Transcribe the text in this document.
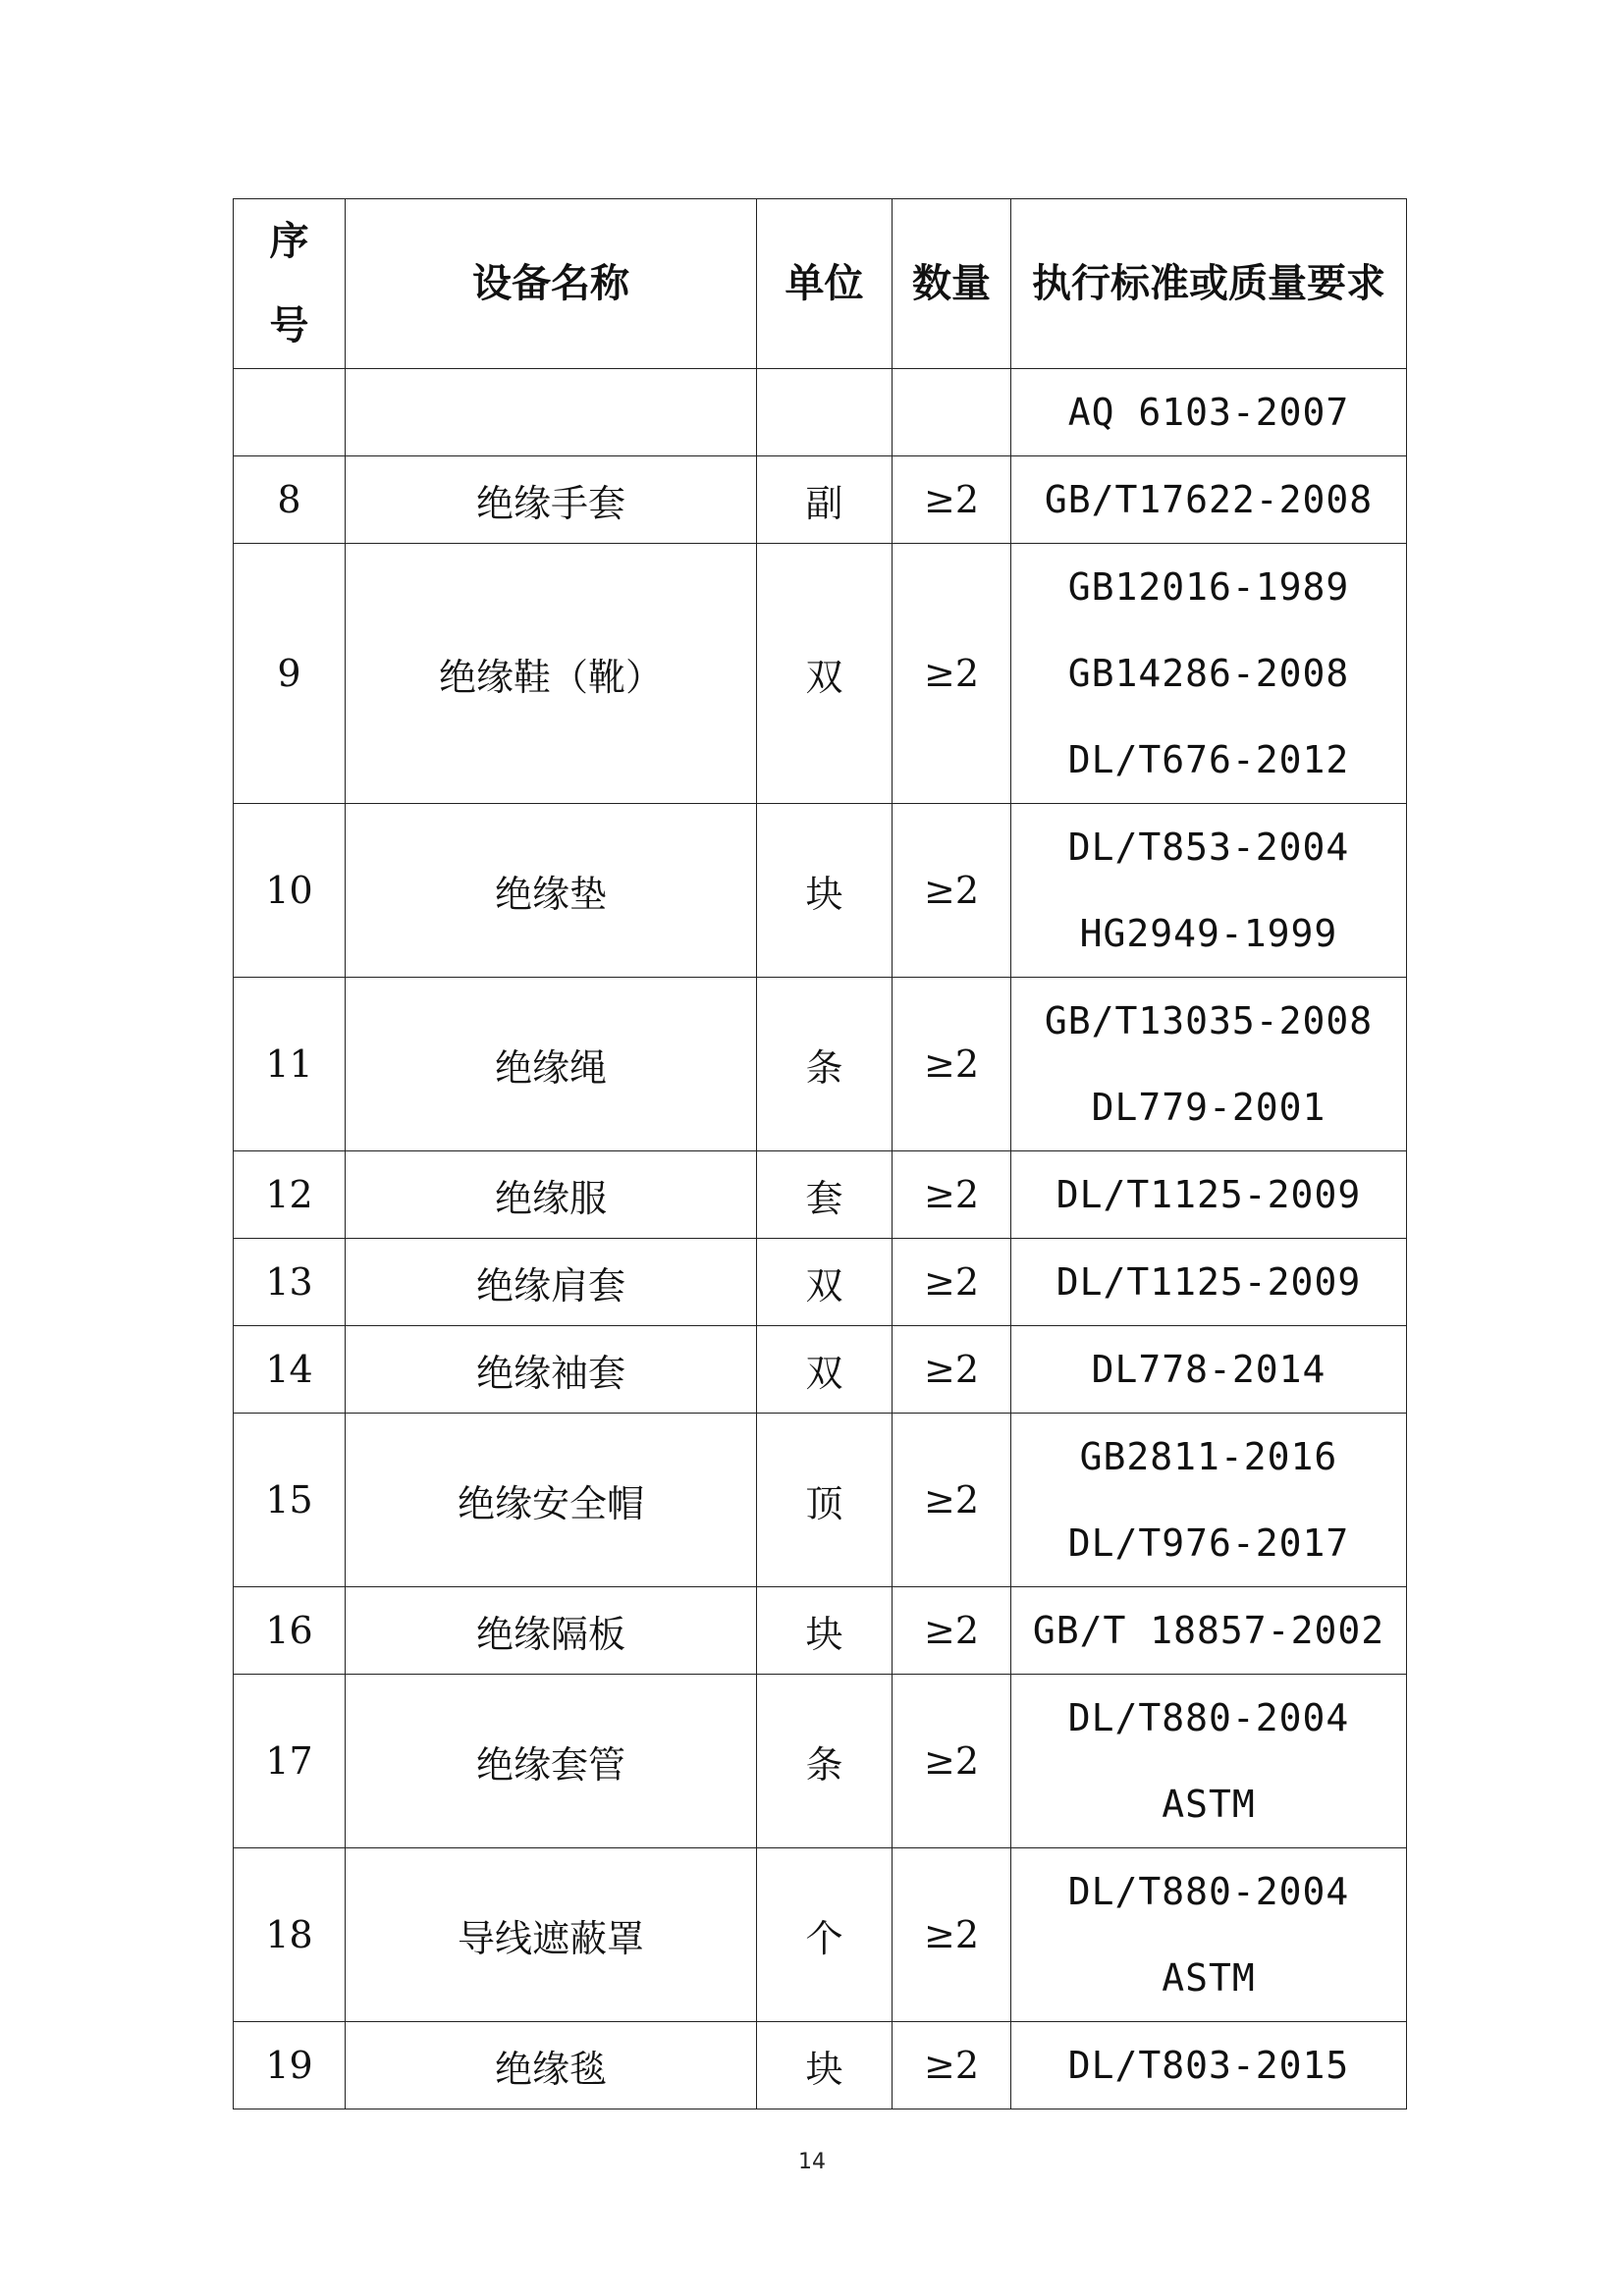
序号	设备名称	单位	数量	执行标准或质量要求

				AQ 6103-2007

8	绝缘手套	副	≥2	GB/T17622-2008

9	绝缘鞋（靴）	双	≥2	GB12016-1989
GB14286-2008
DL/T676-2012

10	绝缘垫	块	≥2	DL/T853-2004
HG2949-1999

11	绝缘绳	条	≥2	GB/T13035-2008
DL779-2001

12	绝缘服	套	≥2	DL/T1125-2009

13	绝缘肩套	双	≥2	DL/T1125-2009

14	绝缘袖套	双	≥2	DL778-2014

15	绝缘安全帽	顶	≥2	GB2811-2016
DL/T976-2017

16	绝缘隔板	块	≥2	GB/T 18857-2002

17	绝缘套管	条	≥2	DL/T880-2004
ASTM

18	导线遮蔽罩	个	≥2	DL/T880-2004
ASTM

19	绝缘毯	块	≥2	DL/T803-2015
14
